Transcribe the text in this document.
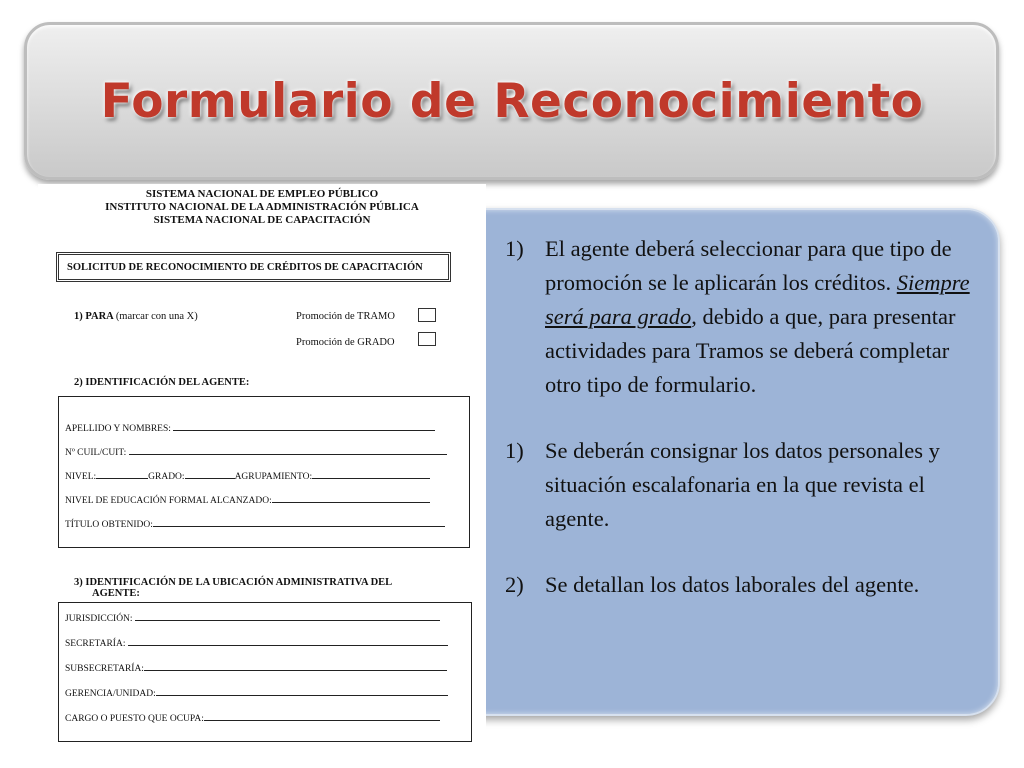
Formulario de Reconocimiento
SISTEMA NACIONAL DE EMPLEO PÚBLICO
INSTITUTO NACIONAL DE LA ADMINISTRACIÓN PÚBLICA
SISTEMA NACIONAL DE CAPACITACIÓN
SOLICITUD DE RECONOCIMIENTO DE CRÉDITOS DE CAPACITACIÓN
1) PARA (marcar con una X)	Promoción de TRAMO
Promoción de GRADO
2) IDENTIFICACIÓN DEL AGENTE:
APELLIDO Y NOMBRES:
Nº CUIL/CUIT:
NIVEL:	GRADO:	AGRUPAMIENTO:
NIVEL DE EDUCACIÓN FORMAL ALCANZADO:
TÍTULO OBTENIDO:
3) IDENTIFICACIÓN DE LA UBICACIÓN ADMINISTRATIVA DEL
AGENTE:
JURISDICCIÓN:
SECRETARÍA:
SUBSECRETARÍA:
GERENCIA/UNIDAD:
CARGO O PUESTO QUE OCUPA:
1) El agente deberá seleccionar para que tipo de promoción se le aplicarán los créditos. Siempre será para grado, debido a que, para presentar actividades para Tramos se deberá completar otro tipo de formulario.
1) Se deberán consignar los datos personales y situación escalafonaria en la que revista el agente.
2) Se detallan los datos laborales del agente.
